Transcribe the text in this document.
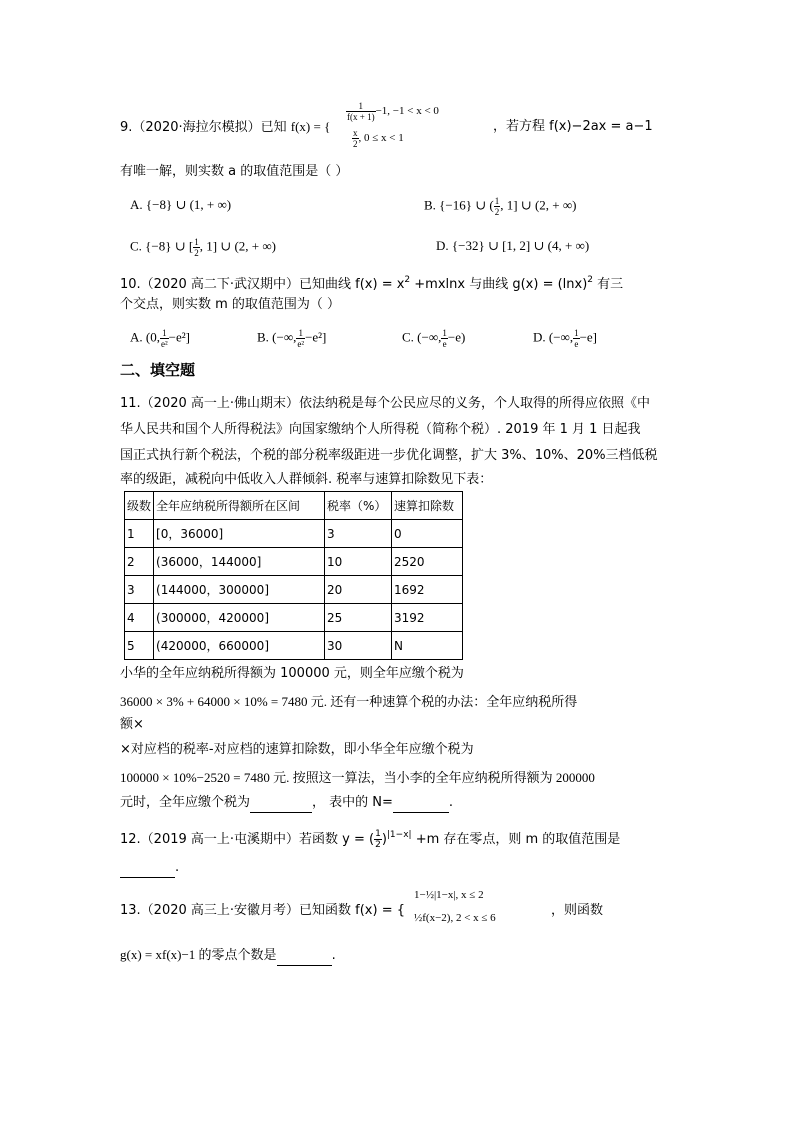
9.（2020·海拉尔模拟）已知 f(x) = {
$\frac{1}{f(x + 1)} -1$, −1 < x < 0
$\frac{x}{2}$ , 0 ≤ x < 1
，若方程 f(x)−2ax = a−1
有唯一解，则实数 a 的取值范围是（ ）
A. {−8} ∪ (1, + ∞)	B. {−16} ∪ ( $\frac{1}{2}$ , 1] ∪ (2, + ∞)
C. {−8} ∪ [ $\frac{1}{2}$ , 1] ∪ (2, + ∞)	D. {−32} ∪ [1, 2] ∪ (4, + ∞)
10.（2020 高二下·武汉期中）已知曲线 $f(x) = x^2 +mxlnx$ 与曲线 $g(x) = (\ln x)^2$ 有三
个交点，则实数 m 的取值范围为（ ）
A. (0, $\frac{1}{\text{e²}} -e^2$]	B. (−∞, $\frac{1}{\text{e²}} -e^2$]	C. (−∞, $\frac{1}{e} -e$)	D. (−∞, $\frac{1}{e} -e$]
二、填空题
11.（2020 高一上·佛山期末）依法纳税是每个公民应尽的义务，个人取得的所得应依照《中
华人民共和国个人所得税法》向国家缴纳个人所得税（简称个税）. 2019 年 1 月 1 日起我
国正式执行新个税法，个税的部分税率级距进一步优化调整，扩大 3%、10%、20%三档低税
率的级距，减税向中低收入人群倾斜. 税率与速算扣除数见下表：
级数	全年应纳税所得额所在区间	税率（%）	速算扣除数
1	[0，36000]	3	0
2	(36000，144000]	10	2520
3	(144000，300000]	20	1692
4	(300000，420000]	25	3192
5	(420000，660000]	30	N
小华的全年应纳税所得额为 100000 元，则全年应缴个税为
36000 × 3% + 64000 × 10% = 7480 元. 还有一种速算个税的办法：全年应纳税所得
额×
×对应档的税率-对应档的速算扣除数，即小华全年应缴个税为
100000 × 10%−2520 = 7480 元. 按照这一算法，当小李的全年应纳税所得额为 200000
元时，全年应缴个税为	， 表中的 N=	.
12.（2019 高一上·屯溪期中）若函数 y = ( $\frac{1}{2} )^{|1-x|} +m$ 存在零点，则 m 的取值范围是
.
13.（2020 高三上·安徽月考）已知函数 f(x) = {
1−½|1−x|, x ≤ 2
½f(x−2), 2 < x ≤ 6	，则函数
g(x) = xf(x)−1 的零点个数是	.
